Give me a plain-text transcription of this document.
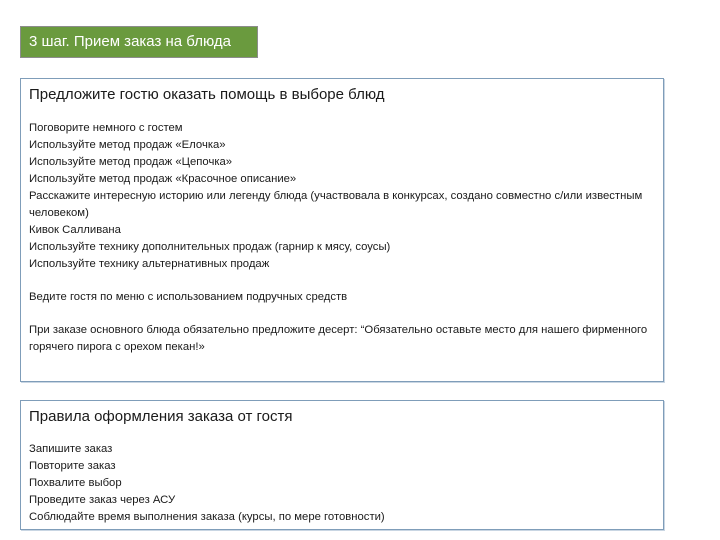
3 шаг. Прием заказ на блюда
Предложите гостю оказать помощь в выборе блюд

Поговорите немного с гостем

Используйте метод продаж «Елочка»

Используйте метод продаж «Цепочка»

Используйте метод продаж «Красочное описание»

Расскажите интересную историю или легенду блюда (участвовала в конкурсах, создано совместно с/или известным человеком)

Кивок Салливана

Используйте технику дополнительных продаж (гарнир к мясу, соусы)

Используйте технику альтернативных продаж

Ведите гостя по меню с использованием подручных средств

При заказе основного блюда обязательно предложите десерт: “Обязательно оставьте место для нашего фирменного горячего пирога с орехом пекан!»

Правила оформления заказа от гостя

Запишите заказ

Повторите заказ

Похвалите выбор

Проведите заказ через АСУ

Соблюдайте время выполнения заказа (курсы, по мере готовности)
